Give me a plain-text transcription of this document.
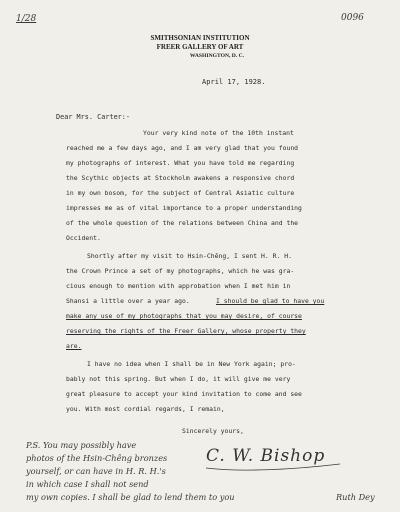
1/28	0096
SMITHSONIAN INSTITUTION
FREER GALLERY OF ART
WASHINGTON, D. C.
April 17, 1928.
Dear Mrs. Carter:-
Your very kind note of the 10th instant
reached me a few days ago, and I am very glad that you found
my photographs of interest. What you have told me regarding
the Scythic objects at Stockholm awakens a responsive chord
in my own bosom, for the subject of Central Asiatic culture
impresses me as of vital importance to a proper understanding
of the whole question of the relations between China and the
Occident.
Shortly after my visit to Hsin-Chêng, I sent H. R. H.
the Crown Prince a set of my photographs, which he was gra-
cious enough to mention with approbation when I met him in
Shansi a little over a year ago.	I should be glad to have you
make any use of my photographs that you may desire, of course
reserving the rights of the Freer Gallery, whose property they
are.
I have no idea when I shall be in New York again; pro-
bably not this spring. But when I do, it will give me very
great pleasure to accept your kind invitation to come and see
you. With most cordial regards, I remain,
Sincerely yours,
C. W. Bishop
P.S. You may possibly have
photos of the Hsin-Chêng bronzes
yourself, or can have in H. R. H.'s
in which case I shall not send
my own copies. I shall be glad to lend them to you	Ruth Dey
